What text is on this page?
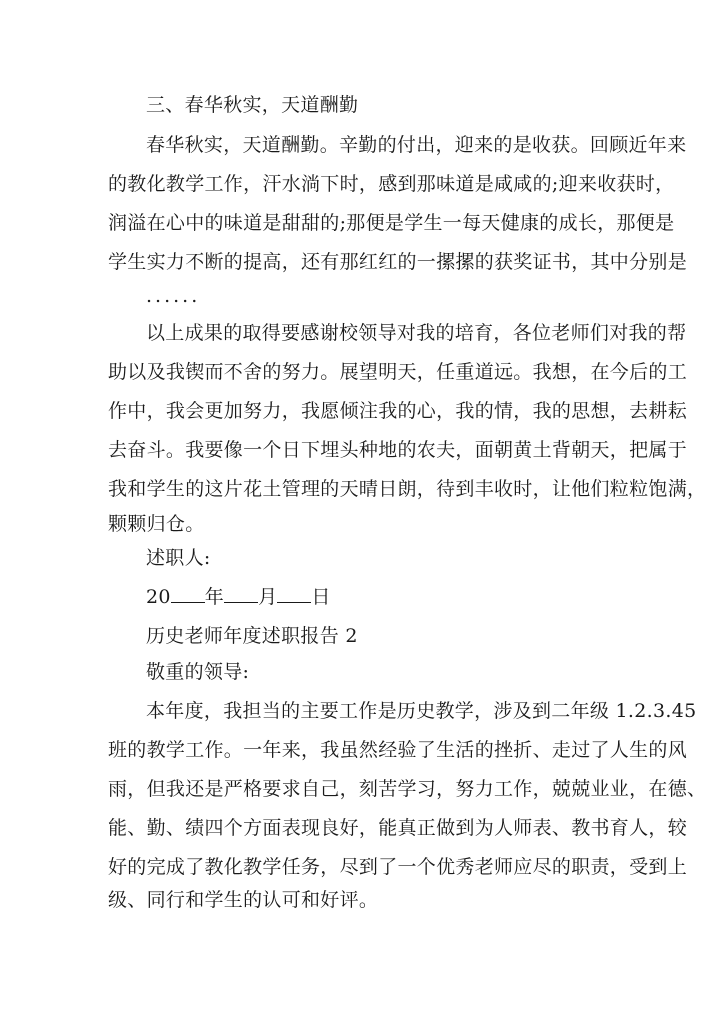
三、春华秋实，天道酬勤
春华秋实，天道酬勤。辛勤的付出，迎来的是收获。回顾近年来
的教化教学工作，汗水淌下时，感到那味道是咸咸的;迎来收获时，
润溢在心中的味道是甜甜的;那便是学生一每天健康的成长，那便是
学生实力不断的提高，还有那红红的一摞摞的获奖证书，其中分别是
......
以上成果的取得要感谢校领导对我的培育，各位老师们对我的帮
助以及我锲而不舍的努力。展望明天，任重道远。我想，在今后的工
作中，我会更加努力，我愿倾注我的心，我的情，我的思想，去耕耘
去奋斗。我要像一个日下埋头种地的农夫，面朝黄土背朝天，把属于
我和学生的这片花土管理的天晴日朗，待到丰收时，让他们粒粒饱满，
颗颗归仓。
述职人:
20 年 月 日
历史老师年度述职报告 2
敬重的领导:
本年度，我担当的主要工作是历史教学，涉及到二年级 1.2.3.45
班的教学工作。一年来，我虽然经验了生活的挫折、走过了人生的风
雨，但我还是严格要求自己，刻苦学习，努力工作，兢兢业业，在德、
能、勤、绩四个方面表现良好，能真正做到为人师表、教书育人，较
好的完成了教化教学任务，尽到了一个优秀老师应尽的职责，受到上
级、同行和学生的认可和好评。
